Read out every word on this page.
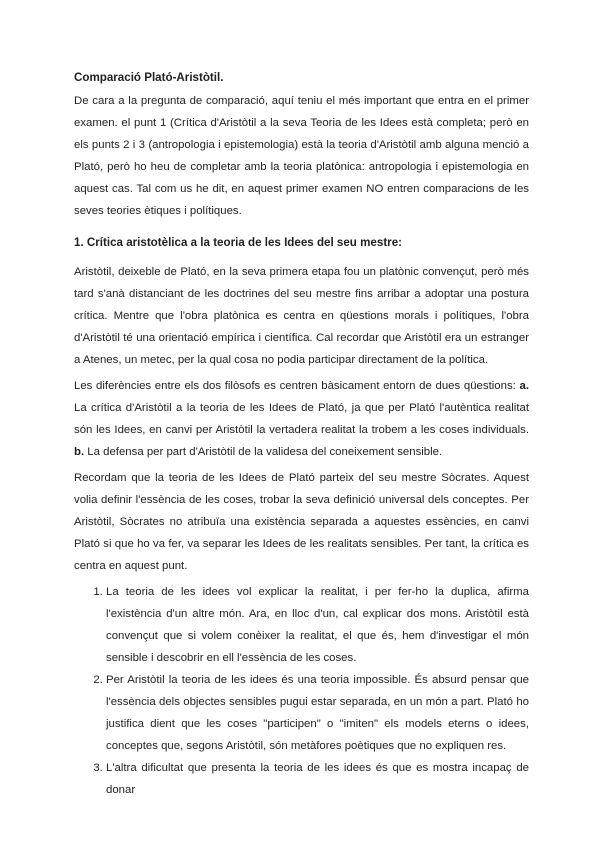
Comparació Plató-Aristòtil.
De cara a la pregunta de comparació, aquí teniu el més important que entra en el primer examen. el punt 1 (Crítica d'Aristòtil a la seva Teoria de les Idees està completa; però en els punts 2 i 3 (antropologia i epistemologia) està la teoria d'Aristòtil amb alguna menció a Plató, però ho heu de completar amb la teoria platònica: antropologia i epistemologia en aquest cas. Tal com us he dit, en aquest primer examen NO entren comparacions de les seves teories ètiques i polítiques.
1. Crítica aristotèlica a la teoria de les Idees del seu mestre:
Aristòtil, deixeble de Plató, en la seva primera etapa fou un platònic convençut, però més tard s'anà distanciant de les doctrines del seu mestre fins arribar a adoptar una postura crítica. Mentre que l'obra platònica es centra en qüestions morals i polítiques, l'obra d'Aristòtil té una orientació empírica i científica. Cal recordar que Aristòtil era un estranger a Atenes, un metec, per la qual cosa no podia participar directament de la política.
Les diferències entre els dos filòsofs es centren bàsicament entorn de dues qüestions: a. La crítica d'Aristòtil a la teoria de les Idees de Plató, ja que per Plató l'autèntica realitat són les Idees, en canvi per Aristòtil la vertadera realitat la trobem a les coses individuals. b. La defensa per part d'Aristòtil de la validesa del coneixement sensible.
Recordam que la teoria de les Idees de Plató parteix del seu mestre Sòcrates. Aquest volia definir l'essència de les coses, trobar la seva definició universal dels conceptes. Per Aristòtil, Sòcrates no atribuïa una existència separada a aquestes essències, en canvi Plató si que ho va fer, va separar les Idees de les realitats sensibles. Per tant, la crítica es centra en aquest punt.
1. La teoria de les idees vol explicar la realitat, i per fer-ho la duplica, afirma l'existència d'un altre món. Ara, en lloc d'un, cal explicar dos mons. Aristòtil està convençut que si volem conèixer la realitat, el que és, hem d'investigar el món sensible i descobrir en ell l'essència de les coses.
2. Per Aristòtil la teoria de les idees és una teoria impossible. És absurd pensar que l'essència dels objectes sensibles pugui estar separada, en un món a part. Plató ho justifica dient que les coses "participen" o "imiten" els models eterns o idees, conceptes que, segons Aristòtil, són metàfores poètiques que no expliquen res.
3. L'altra dificultat que presenta la teoria de les idees és que es mostra incapaç de donar
